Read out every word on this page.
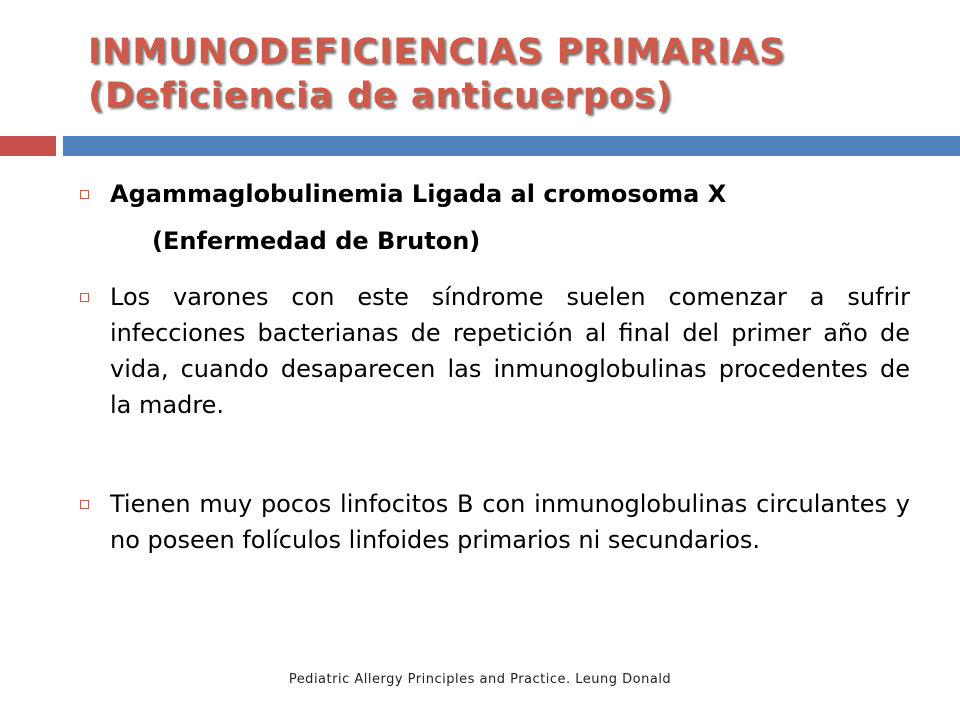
INMUNODEFICIENCIAS PRIMARIAS
(Deficiencia de anticuerpos)
Agammaglobulinemia Ligada al cromosoma X
(Enfermedad de Bruton)
Los varones con este síndrome suelen comenzar a sufrir infecciones bacterianas de repetición al final del primer año de vida, cuando desaparecen las inmunoglobulinas procedentes de la madre.
Tienen muy pocos linfocitos B con inmunoglobulinas circulantes y no poseen folículos linfoides primarios ni secundarios.
Pediatric Allergy Principles and Practice. Leung Donald
